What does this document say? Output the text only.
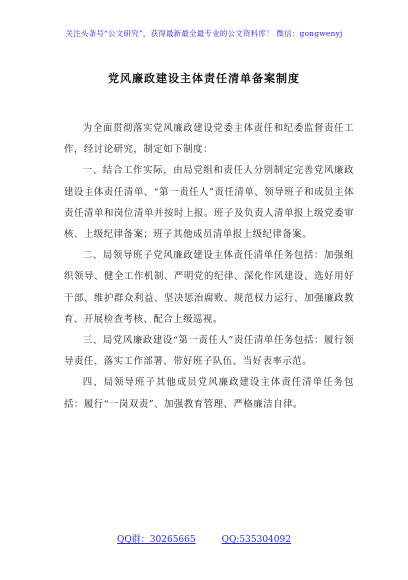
关注头条号“公文研究”，获得最新最全最专业的公文资料库！ 微信：gongwenyj
党风廉政建设主体责任清单备案制度

为全面贯彻落实党风廉政建设党委主体责任和纪委监督责任工作，经讨论研究，制定如下制度：

一、结合工作实际，由局党组和责任人分别制定完善党风廉政建设主体责任清单、“第一责任人”责任清单、领导班子和成员主体责任清单和岗位清单并按时上报。班子及负责人清单报上级党委审核、上级纪律备案；班子其他成员清单报上级纪律备案。

二、局领导班子党风廉政建设主体责任清单任务包括：加强组织领导、健全工作机制、严明党的纪律、深化作风建设、选好用好干部、维护群众利益、坚决惩治腐败、规范权力运行、加强廉政教育、开展检查考核、配合上级巡视。

三、局党风廉政建设“第一责任人”责任清单任务包括：履行领导责任、落实工作部署、带好班子队伍、当好表率示范。

四、局领导班子其他成员党风廉政建设主体责任清单任务包括：履行“一岗双责”、加强教育管理、严格廉洁自律。

QQ群：30265665	QQ:535304092
